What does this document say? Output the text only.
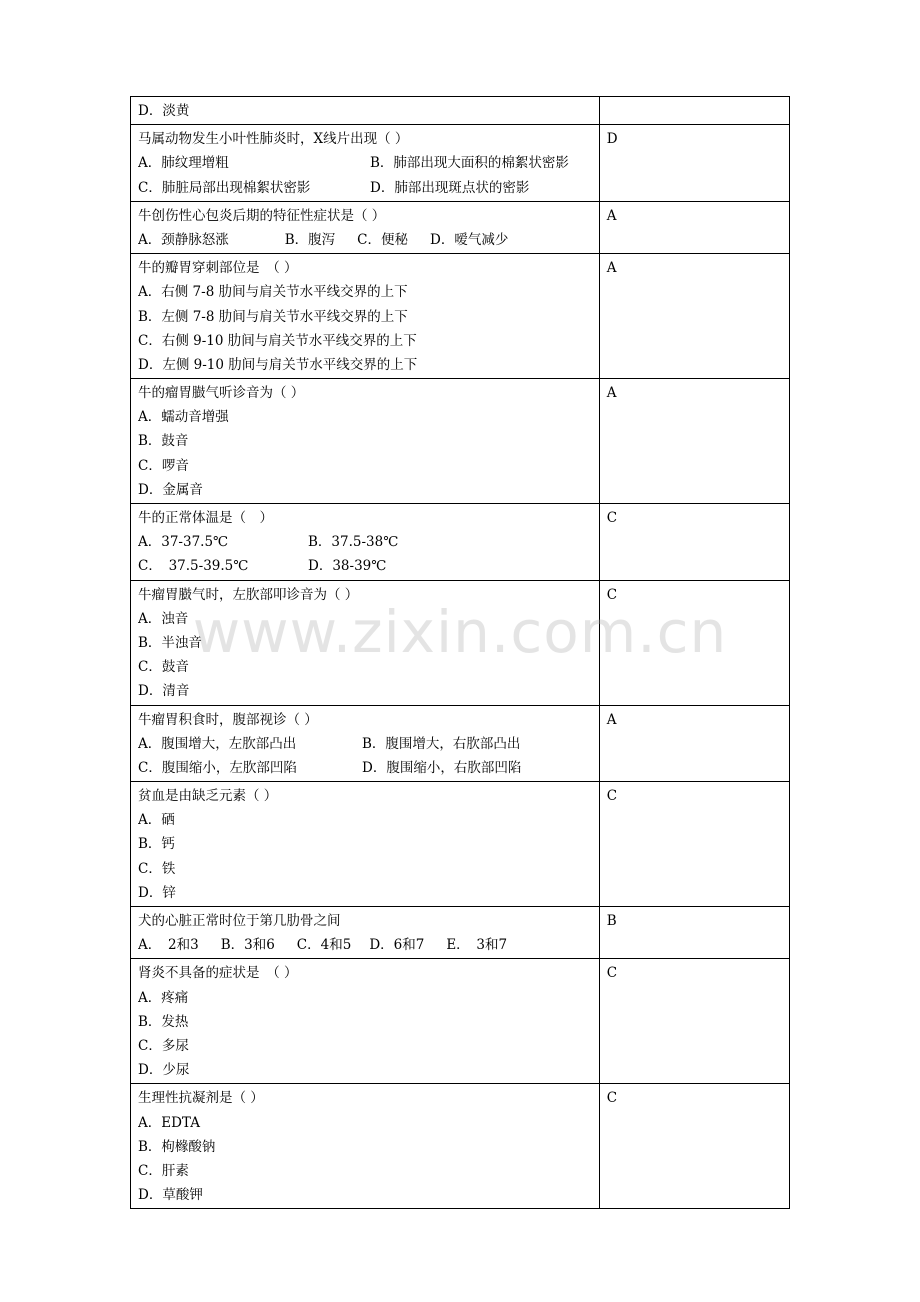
D．淡黄	

马属动物发生小叶性肺炎时，X线片出现（ ）
A．肺纹理增粗 B．肺部出现大面积的棉絮状密影
C．肺脏局部出现棉絮状密影 D．肺部出现斑点状的密影	D

牛创伤性心包炎后期的特征性症状是（ ）
A．颈静脉怒涨 B．腹泻 C．便秘 D．嗳气减少	A

牛的瓣胃穿刺部位是　（ ）
A．右侧 7-8 肋间与肩关节水平线交界的上下
B．左侧 7-8 肋间与肩关节水平线交界的上下
C．右侧 9-10 肋间与肩关节水平线交界的上下
D．左侧 9-10 肋间与肩关节水平线交界的上下	A

牛的瘤胃臌气听诊音为（ ）
A．蠕动音增强
B．鼓音
C．啰音
D．金属音	A

牛的正常体温是（　）
A．37-37.5℃ B．37.5-38℃
C．　37.5-39.5℃ D．38-39℃	C

牛瘤胃臌气时，左肷部叩诊音为（ ）
A．浊音
B．半浊音
C．鼓音
D．清音	C

牛瘤胃积食时，腹部视诊（ ）
A．腹围增大，左肷部凸出 B．腹围增大，右肷部凸出
C．腹围缩小，左肷部凹陷 D．腹围缩小，右肷部凹陷	A

贫血是由缺乏元素（ ）
A．硒
B．钙
C．铁
D．锌	C

犬的心脏正常时位于第几肋骨之间
A．　2和3 B．3和6 C．4和5 D．6和7 E．　3和7	B

肾炎不具备的症状是　（ ）
A．疼痛
B．发热
C．多尿
D．少尿	C

生理性抗凝剂是（ ）
A．EDTA
B．枸橼酸钠
C．肝素
D．草酸钾	C
www.zixin.com.cn
